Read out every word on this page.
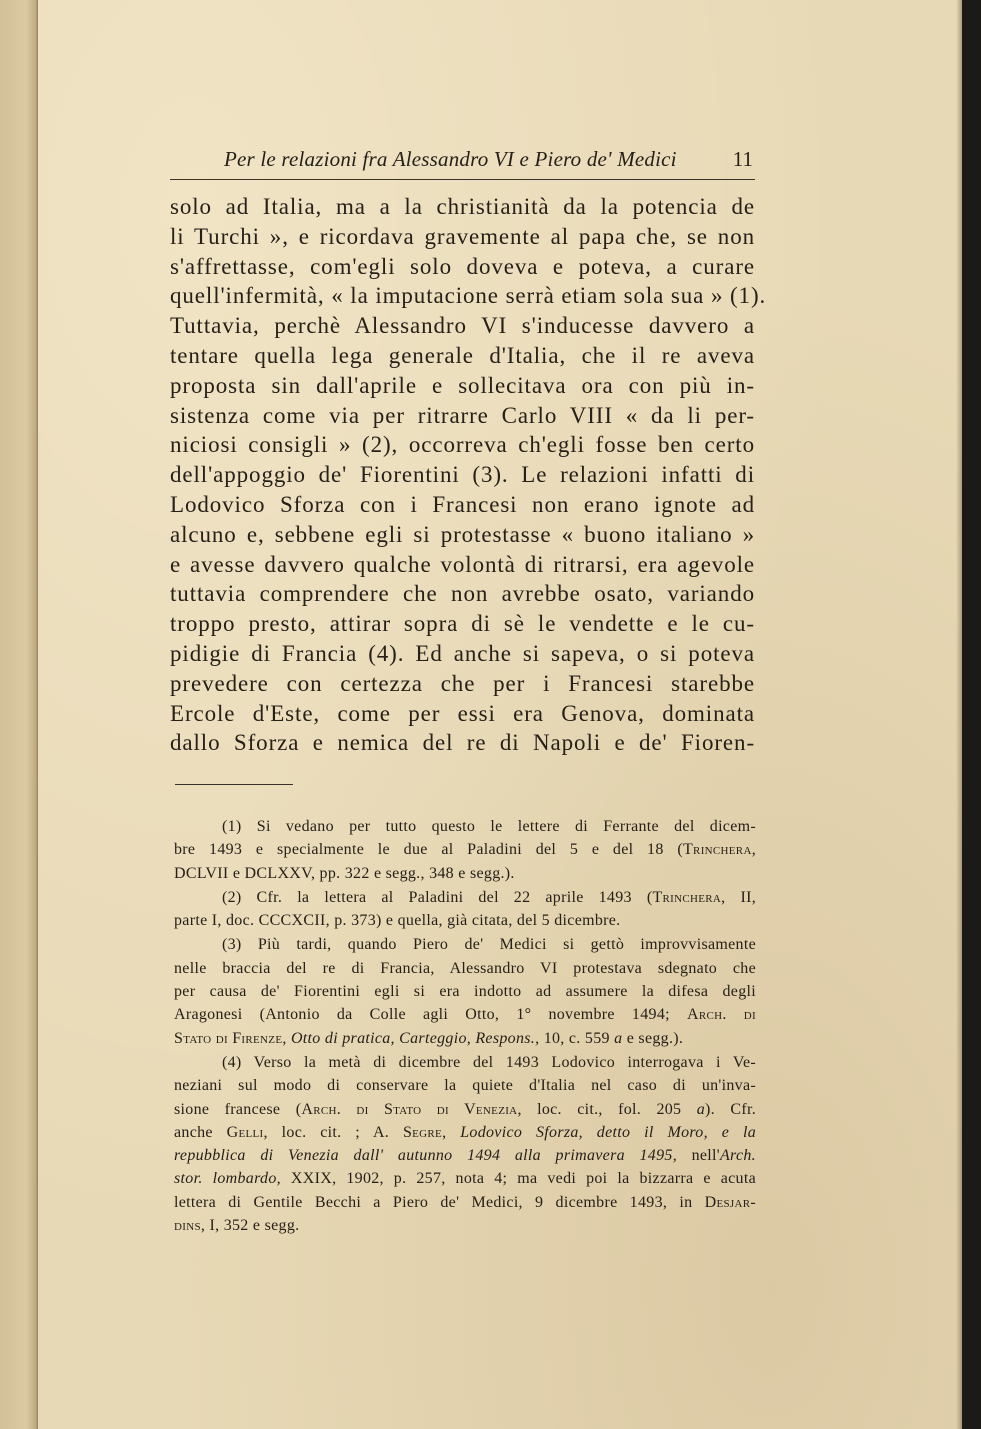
Per le relazioni fra Alessandro VI e Piero de' Medici	11
solo ad Italia, ma a la christianità da la potencia de
li Turchi », e ricordava gravemente al papa che, se non
s'affrettasse, com'egli solo doveva e poteva, a curare
quell'infermità, « la imputacione serrà etiam sola sua » (1).
Tuttavia, perchè Alessandro VI s'inducesse davvero a
tentare quella lega generale d'Italia, che il re aveva
proposta sin dall'aprile e sollecitava ora con più in-
sistenza come via per ritrarre Carlo VIII « da li per-
niciosi consigli » (2), occorreva ch'egli fosse ben certo
dell'appoggio de' Fiorentini (3). Le relazioni infatti di
Lodovico Sforza con i Francesi non erano ignote ad
alcuno e, sebbene egli si protestasse « buono italiano »
e avesse davvero qualche volontà di ritrarsi, era agevole
tuttavia comprendere che non avrebbe osato, variando
troppo presto, attirar sopra di sè le vendette e le cu-
pidigie di Francia (4). Ed anche si sapeva, o si poteva
prevedere con certezza che per i Francesi starebbe
Ercole d'Este, come per essi era Genova, dominata
dallo Sforza e nemica del re di Napoli e de' Fioren-
(1) Si vedano per tutto questo le lettere di Ferrante del dicem-
bre 1493 e specialmente le due al Paladini del 5 e del 18 (Trinchera,
DCLVII e DCLXXV, pp. 322 e segg., 348 e segg.).
(2) Cfr. la lettera al Paladini del 22 aprile 1493 (Trinchera, II,
parte I, doc. CCCXCII, p. 373) e quella, già citata, del 5 dicembre.
(3) Più tardi, quando Piero de' Medici si gettò improvvisamente
nelle braccia del re di Francia, Alessandro VI protestava sdegnato che
per causa de' Fiorentini egli si era indotto ad assumere la difesa degli
Aragonesi (Antonio da Colle agli Otto, 1° novembre 1494; Arch. di
Stato di Firenze, Otto di pratica, Carteggio, Respons., 10, c. 559 a e segg.).
(4) Verso la metà di dicembre del 1493 Lodovico interrogava i Ve-
neziani sul modo di conservare la quiete d'Italia nel caso di un'inva-
sione francese (Arch. di Stato di Venezia, loc. cit., fol. 205 a). Cfr.
anche Gelli, loc. cit. ; A. Segre, Lodovico Sforza, detto il Moro, e la
repubblica di Venezia dall' autunno 1494 alla primavera 1495, nell'Arch.
stor. lombardo, XXIX, 1902, p. 257, nota 4; ma vedi poi la bizzarra e acuta
lettera di Gentile Becchi a Piero de' Medici, 9 dicembre 1493, in Desjar-
dins, I, 352 e segg.
